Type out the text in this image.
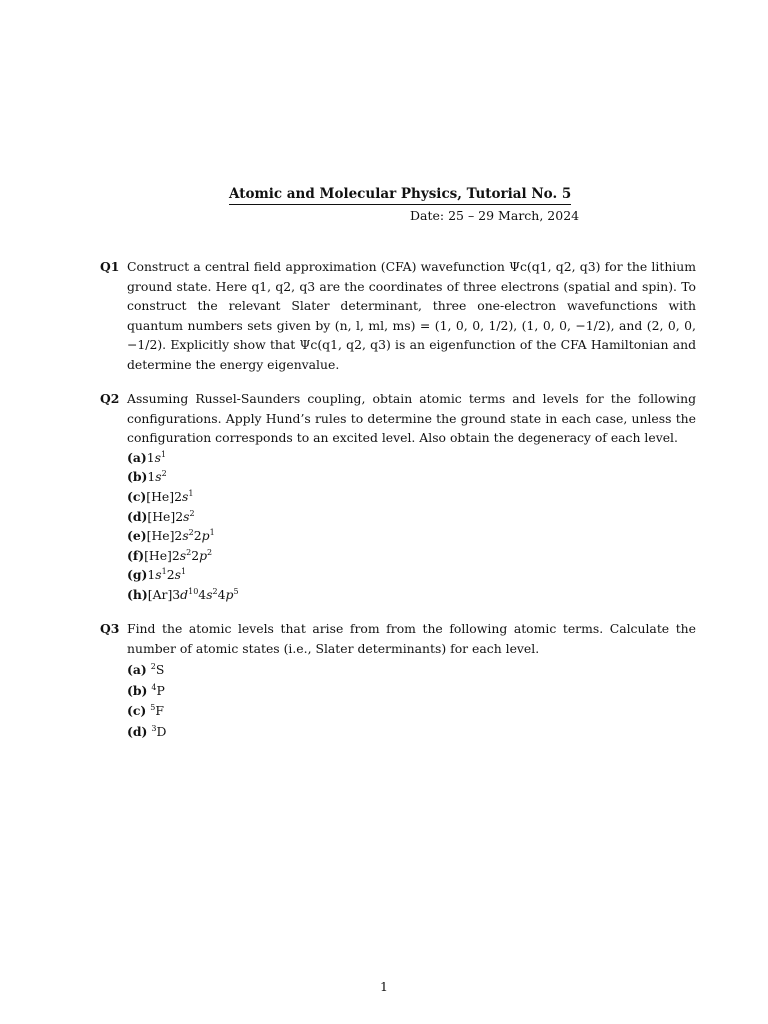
Atomic and Molecular Physics, Tutorial No. 5
Date: 25 – 29 March, 2024
Q1 Construct a central field approximation (CFA) wavefunction Ψc(q1, q2, q3) for the lithium ground state. Here q1, q2, q3 are the coordinates of three electrons (spatial and spin). To construct the relevant Slater determinant, three one-electron wavefunctions with quantum numbers sets given by (n, l, ml, ms) = (1, 0, 0, 1/2), (1, 0, 0, −1/2), and (2, 0, 0, −1/2). Explicitly show that Ψc(q1, q2, q3) is an eigenfunction of the CFA Hamiltonian and determine the energy eigenvalue.

Q2 Assuming Russel-Saunders coupling, obtain atomic terms and levels for the following configurations. Apply Hund’s rules to determine the ground state in each case, unless the configuration corresponds to an excited level. Also obtain the degeneracy of each level.

$(a)1s^1$
$(b)1s^2$
$(c)[He]2s^1$
$(d)[He]2s^2$
$(e)[He]2s^22p^1$
$(f)[He]2s^22p^2$
$(g)1s^12s^1$
$(h)[Ar]3d^{10}4s^24p^5$
Q3 Find the atomic levels that arise from from the following atomic terms. Calculate the number of atomic states (i.e., Slater determinants) for each level.

(a) $^2$S
(b) $^4$P
(c) $^5$F
(d) $^3$D
1
